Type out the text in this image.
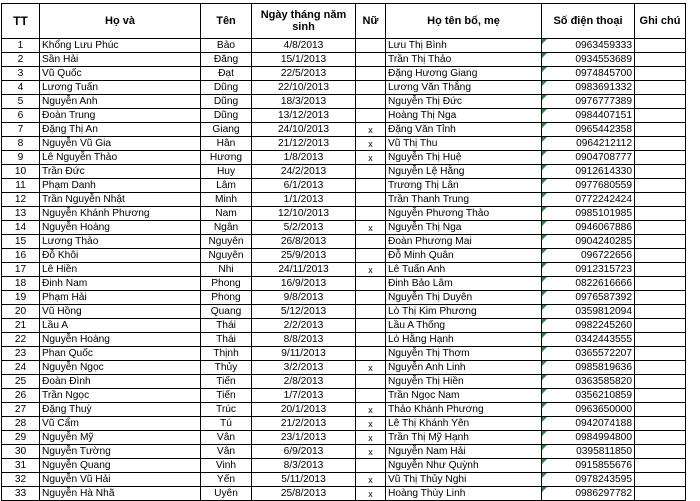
TT	Họ và	Tên	Ngày tháng năm sinh	Nữ	Họ tên bố, mẹ	Số điện thoại	Ghi chú
1	Khổng Lưu Phúc	Bảo	4/8/2013		Lưu Thị Bình	0963459333	
2	Sần Hải	Đăng	15/1/2013		Trần Thị Thảo	0934553689	
3	Vũ Quốc	Đạt	22/5/2013		Đặng Hương Giang	0974845700	
4	Lương Tuấn	Dũng	22/10/2013		Lương Văn Thắng	0983691332	
5	Nguyễn Anh	Dũng	18/3/2013		Nguyễn Thị Đức	0976777389	
6	Đoàn Trung	Dũng	13/12/2013		Hoàng Thị Nga	0984407151	
7	Đặng Thị An	Giang	24/10/2013	x	Đặng Văn Tỉnh	0965442358	
8	Nguyễn Vũ Gia	Hân	21/12/2013	x	Vũ Thị Thu	0964212112	
9	Lê Nguyễn Thảo	Hương	1/8/2013	x	Nguyễn Thị Huệ	0904708777	
10	Trần Đức	Huy	24/2/2013		Nguyễn Lệ Hằng	0912614330	
11	Phạm Danh	Lâm	6/1/2013		Trương Thị Lân	0977680559	
12	Trần Nguyễn Nhật	Minh	1/1/2013		Trần Thanh Trung	0772242424	
13	Nguyễn Khánh Phương	Nam	12/10/2013		Nguyễn Phương Thảo	0985101985	
14	Nguyễn Hoàng	Ngân	5/2/2013	x	Nguyễn Thị Nga	0946067886	
15	Lương Thảo	Nguyên	26/8/2013		Đoàn Phương Mai	0904240285	
16	Đỗ Khôi	Nguyên	25/9/2013		Đỗ Minh Quân	096722656	
17	Lê Hiền	Nhi	24/11/2013	x	Lê Tuấn Anh	0912315723	
18	Đinh Nam	Phong	16/9/2013		Đinh Bảo Lâm	0822616666	
19	Phạm Hải	Phong	9/8/2013		Nguyễn Thị Duyên	0976587392	
20	Vũ Hồng	Quang	5/12/2013		Lò Thị Kim Phương	0359812094	
21	Lầu A	Thái	2/2/2013		Lầu A Thống	0982245260	
22	Nguyễn Hoàng	Thái	8/8/2013		Lò Hằng Hạnh	0342443555	
23	Phan Quốc	Thịnh	9/11/2013		Nguyễn Thị Thơm	0365572207	
24	Nguyễn Ngọc	Thủy	3/2/2013	x	Nguyễn Anh Linh	0985819636	
25	Đoàn Đình	Tiến	2/8/2013		Nguyễn Thị Hiền	0363585820	
26	Trần Ngọc	Tiến	1/7/2013		Trần Ngọc Nam	0356210859	
27	Đặng Thuỳ	Trúc	20/1/2013	x	Thảo Khánh Phương	0963650000	
28	Vũ Cẩm	Tú	21/2/2013	x	Lê Thị Khánh Yên	0942074188	
29	Nguyễn Mỹ	Vân	23/1/2013	x	Trần Thị Mỹ Hạnh	0984994800	
30	Nguyễn Tường	Vân	6/9/2013	x	Nguyễn Nam Hải	0395811850	
31	Nguyễn Quang	Vinh	8/3/2013		Nguyễn Như Quỳnh	0915855676	
32	Nguyễn Vũ Hải	Yến	5/11/2013	x	Vũ Thị Thủy Nghi	0978243595	
33	Nguyễn Hà Nhã	Uyên	25/8/2013	x	Hoàng Thùy Linh	0986297782	
